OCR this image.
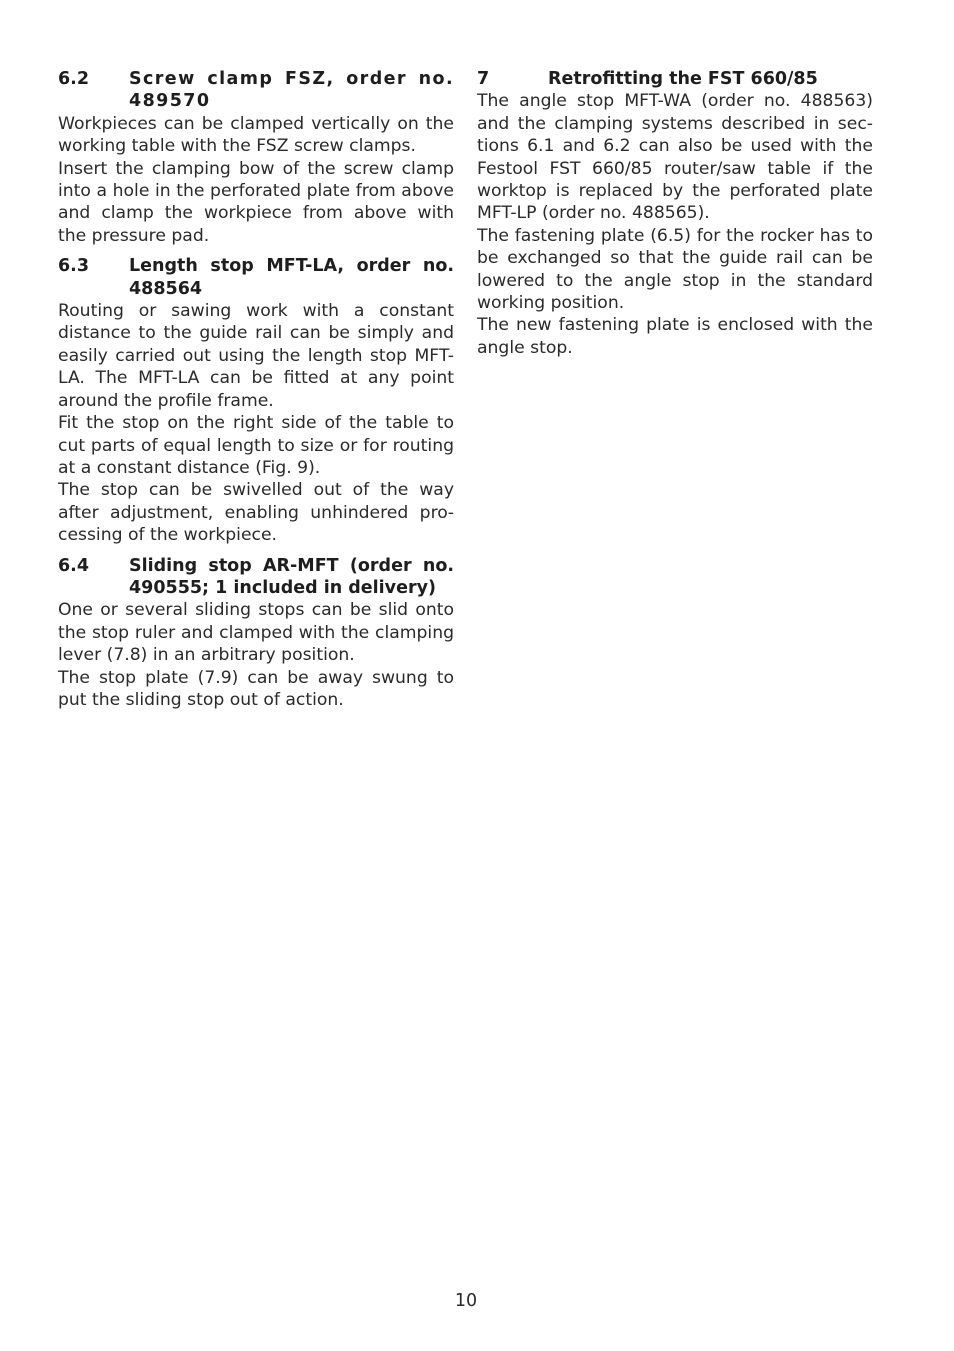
6.2	Screw clamp FSZ, order no. 489570

Workpieces can be clamped vertically on the working table with the FSZ screw clamps.

Insert the clamping bow of the screw clamp into a hole in the perforated plate from above and clamp the workpiece from above with the pressure pad.

6.3	Length stop MFT-LA, order no. 488564

Routing or sawing work with a constant distance to the guide rail can be simply and easily carried out using the length stop MFT-LA. The MFT-LA can be fitted at any point around the profile frame.

Fit the stop on the right side of the table to cut parts of equal length to size or for routing at a constant distance (Fig. 9).

The stop can be swivelled out of the way after adjustment, enabling unhindered processing of the workpiece.

6.4	Sliding stop AR-MFT (order no. 490555; 1 included in delivery)

One or several sliding stops can be slid onto the stop ruler and clamped with the clamping lever (7.8) in an arbitrary position.

The stop plate (7.9) can be away swung to put the sliding stop out of action.

7	Retrofitting the FST 660/85

The angle stop MFT-WA (order no. 488563) and the clamping systems described in sections 6.1 and 6.2 can also be used with the Festool FST 660/85 router/saw table if the worktop is replaced by the perforated plate MFT-LP (order no. 488565).

The fastening plate (6.5) for the rocker has to be exchanged so that the guide rail can be lowered to the angle stop in the standard working position.

The new fastening plate is enclosed with the angle stop.

10
